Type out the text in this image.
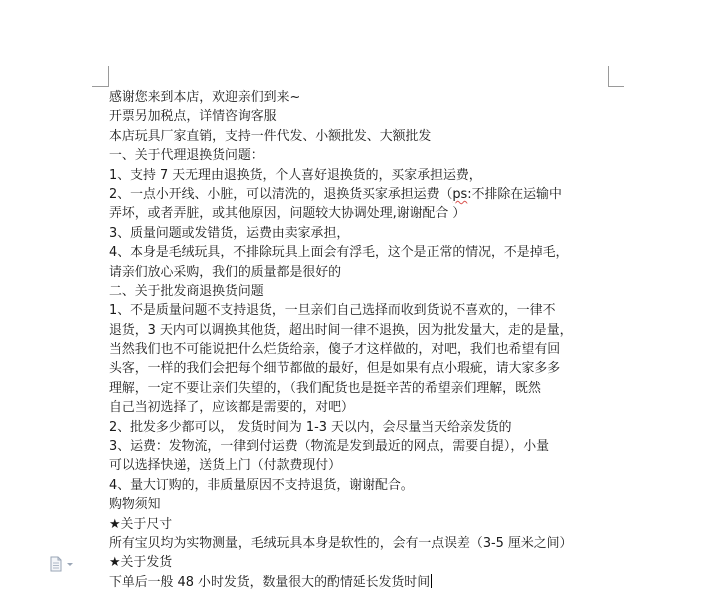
感谢您来到本店，欢迎亲们到来~
开票另加税点，详情咨询客服
本店玩具厂家直销，支持一件代发、小额批发、大额批发
一、关于代理退换货问题：
1、支持 7 天无理由退换货，个人喜好退换货的，买家承担运费，
2、一点小开线、小脏，可以清洗的，退换货买家承担运费（ps:不排除在运输中
弄坏，或者弄脏，或其他原因，问题较大协调处理,谢谢配合 ）
3、质量问题或发错货，运费由卖家承担，
4、本身是毛绒玩具，不排除玩具上面会有浮毛，这个是正常的情况，不是掉毛，
请亲们放心采购，我们的质量都是很好的
二、关于批发商退换货问题
1、不是质量问题不支持退货，一旦亲们自己选择而收到货说不喜欢的，一律不
退货，3 天内可以调换其他货，超出时间一律不退换，因为批发量大，走的是量，
当然我们也不可能说把什么烂货给亲，傻子才这样做的，对吧，我们也希望有回
头客，一样的我们会把每个细节都做的最好，但是如果有点小瑕疵，请大家多多
理解，一定不要让亲们失望的，（我们配货也是挺辛苦的希望亲们理解，既然
自己当初选择了，应该都是需要的，对吧）
2、批发多少都可以， 发货时间为 1-3 天以内，会尽量当天给亲发货的
3、运费：发物流，一律到付运费（物流是发到最近的网点，需要自提），小量
可以选择快递，送货上门（付款费现付）
4、量大订购的，非质量原因不支持退货，谢谢配合。
购物须知
★关于尺寸
所有宝贝均为实物测量，毛绒玩具本身是软性的，会有一点误差（3-5 厘米之间）
★关于发货
下单后一般 48 小时发货，数量很大的酌情延长发货时间
